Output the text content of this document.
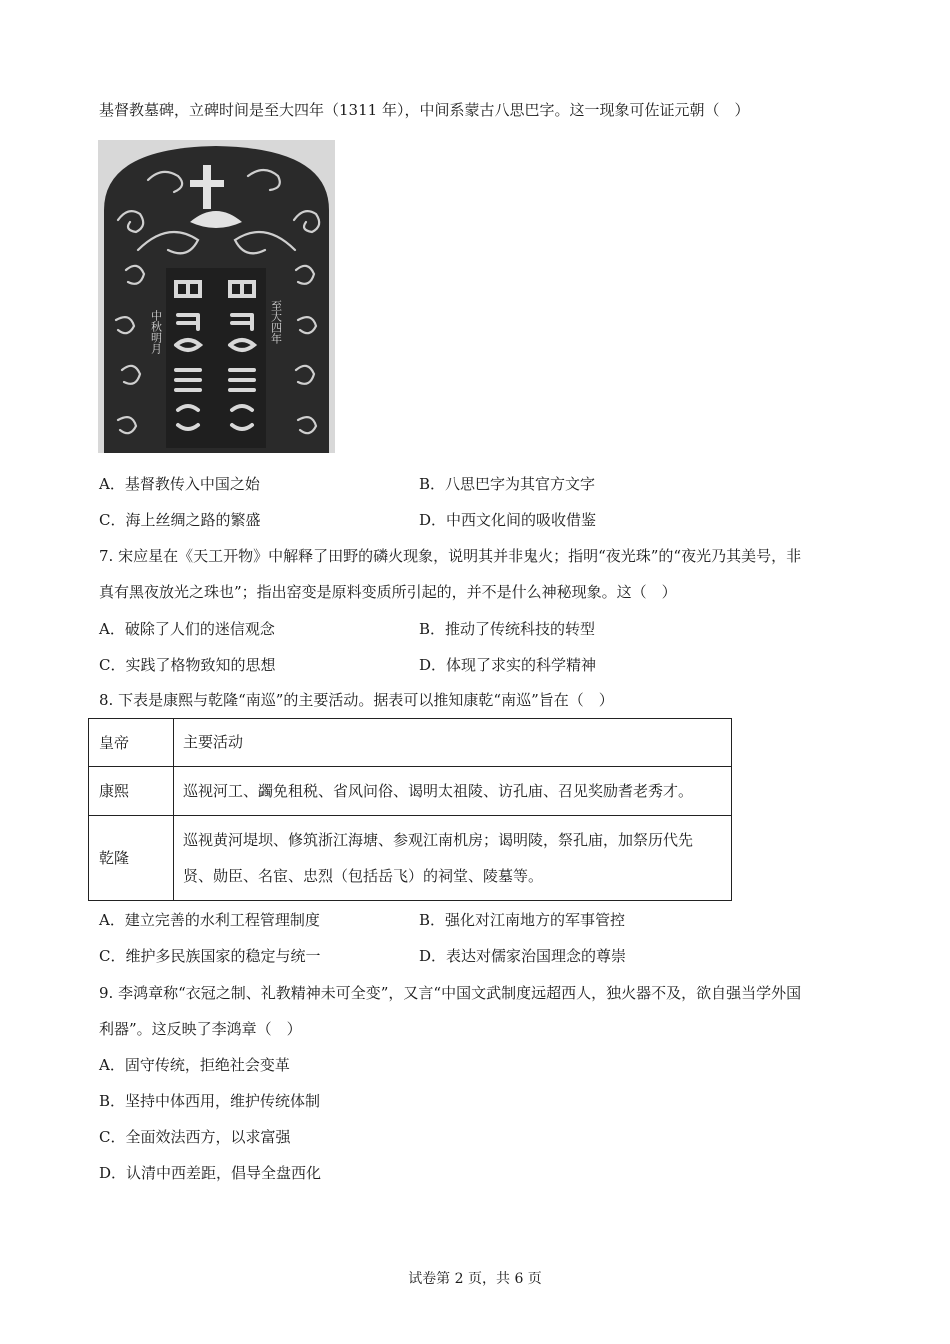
基督教墓碑，立碑时间是至大四年（1311 年），中间系蒙古八思巴字。这一现象可佐证元朝（　）
中秋明月	至大四年
A．基督教传入中国之始	B．八思巴字为其官方文字
C．海上丝绸之路的繁盛	D．中西文化间的吸收借鉴
7. 宋应星在《天工开物》中解释了田野的磷火现象，说明其并非鬼火；指明“夜光珠”的“夜光乃其美号，非
真有黑夜放光之珠也”；指出窑变是原料变质所引起的，并不是什么神秘现象。这（　）
A．破除了人们的迷信观念	B．推动了传统科技的转型
C．实践了格物致知的思想	D．体现了求实的科学精神
8. 下表是康熙与乾隆“南巡”的主要活动。据表可以推知康乾“南巡”旨在（　）
皇帝	主要活动
康熙	巡视河工、蠲免租税、省风问俗、谒明太祖陵、访孔庙、召见奖励耆老秀才。
乾隆	巡视黄河堤坝、修筑浙江海塘、参观江南机房；谒明陵，祭孔庙，加祭历代先
贤、勋臣、名宦、忠烈（包括岳飞）的祠堂、陵墓等。
A．建立完善的水利工程管理制度	B．强化对江南地方的军事管控
C．维护多民族国家的稳定与统一	D．表达对儒家治国理念的尊崇
9. 李鸿章称“衣冠之制、礼教精神未可全变”，又言“中国文武制度远超西人，独火器不及，欲自强当学外国
利器”。这反映了李鸿章（　）
A．固守传统，拒绝社会变革
B．坚持中体西用，维护传统体制
C．全面效法西方，以求富强
D．认清中西差距，倡导全盘西化
试卷第 2 页，共 6 页
